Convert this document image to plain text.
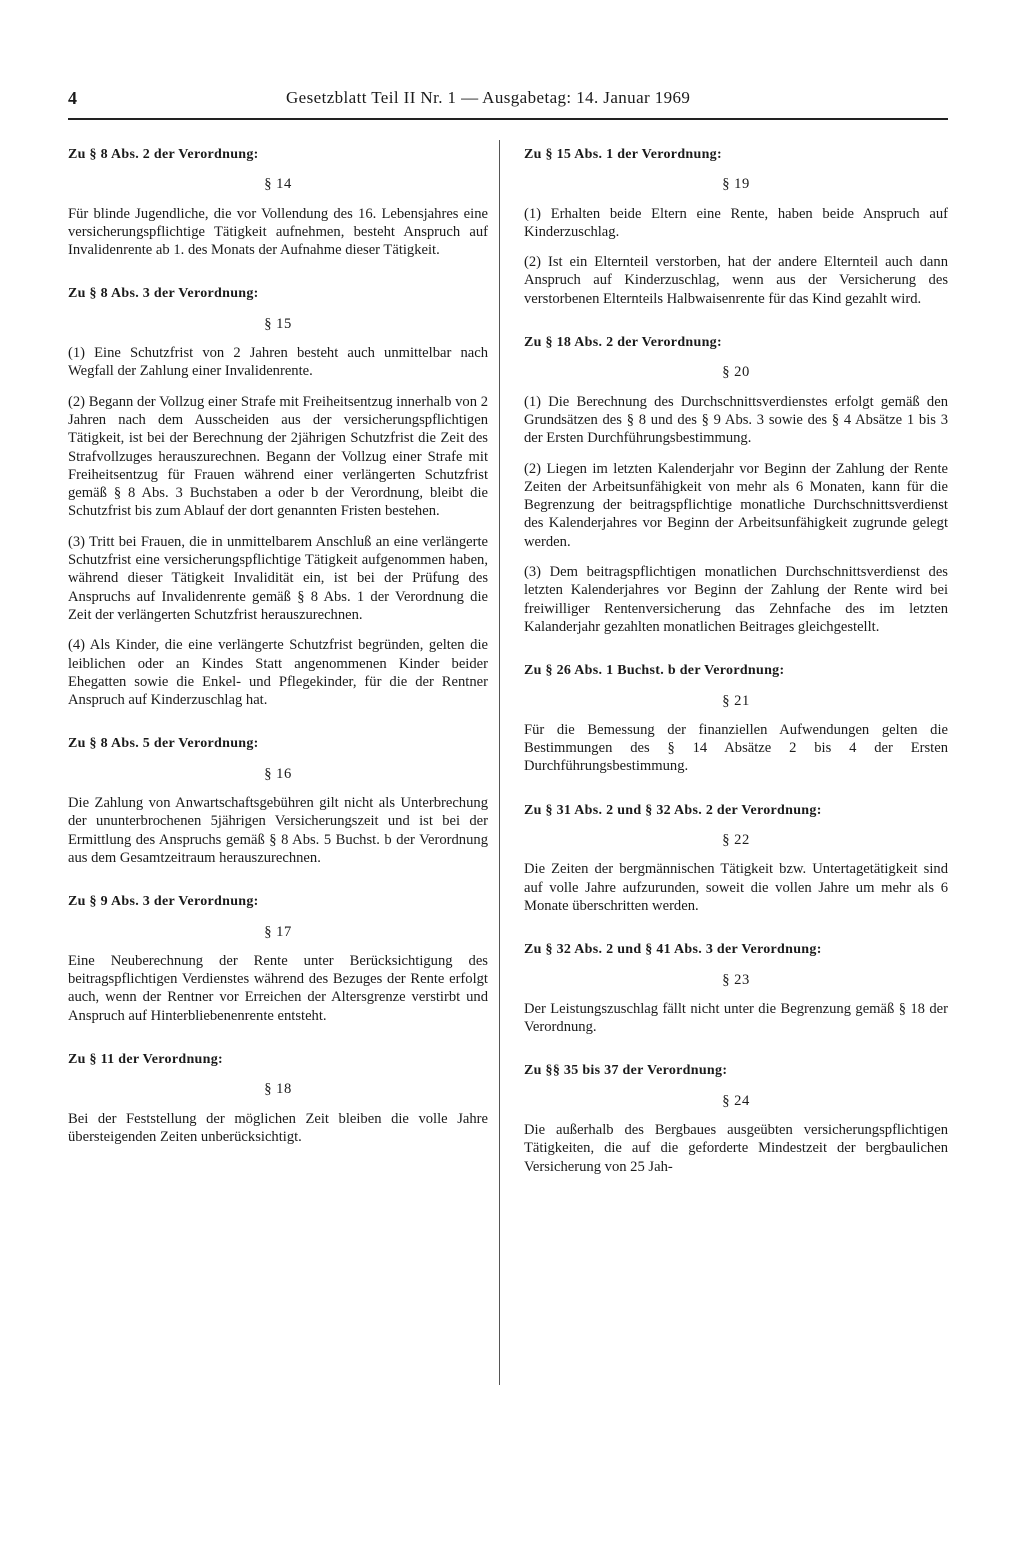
4	Gesetzblatt Teil II Nr. 1 — Ausgabetag: 14. Januar 1969
Zu § 8 Abs. 2 der Verordnung:
§ 14
Für blinde Jugendliche, die vor Vollendung des 16. Lebensjahres eine versicherungspflichtige Tätigkeit aufnehmen, besteht Anspruch auf Invalidenrente ab 1. des Monats der Aufnahme dieser Tätigkeit.
Zu § 8 Abs. 3 der Verordnung:
§ 15
(1) Eine Schutzfrist von 2 Jahren besteht auch unmittelbar nach Wegfall der Zahlung einer Invalidenrente.
(2) Begann der Vollzug einer Strafe mit Freiheitsentzug innerhalb von 2 Jahren nach dem Ausscheiden aus der versicherungspflichtigen Tätigkeit, ist bei der Berechnung der 2jährigen Schutzfrist die Zeit des Strafvollzuges herauszurechnen. Begann der Vollzug einer Strafe mit Freiheitsentzug für Frauen während einer verlängerten Schutzfrist gemäß § 8 Abs. 3 Buchstaben a oder b der Verordnung, bleibt die Schutzfrist bis zum Ablauf der dort genannten Fristen bestehen.
(3) Tritt bei Frauen, die in unmittelbarem Anschluß an eine verlängerte Schutzfrist eine versicherungspflichtige Tätigkeit aufgenommen haben, während dieser Tätigkeit Invalidität ein, ist bei der Prüfung des Anspruchs auf Invalidenrente gemäß § 8 Abs. 1 der Verordnung die Zeit der verlängerten Schutzfrist herauszurechnen.
(4) Als Kinder, die eine verlängerte Schutzfrist begründen, gelten die leiblichen oder an Kindes Statt angenommenen Kinder beider Ehegatten sowie die Enkel- und Pflegekinder, für die der Rentner Anspruch auf Kinderzuschlag hat.
Zu § 8 Abs. 5 der Verordnung:
§ 16
Die Zahlung von Anwartschaftsgebühren gilt nicht als Unterbrechung der ununterbrochenen 5jährigen Versicherungszeit und ist bei der Ermittlung des Anspruchs gemäß § 8 Abs. 5 Buchst. b der Verordnung aus dem Gesamtzeitraum herauszurechnen.
Zu § 9 Abs. 3 der Verordnung:
§ 17
Eine Neuberechnung der Rente unter Berücksichtigung des beitragspflichtigen Verdienstes während des Bezuges der Rente erfolgt auch, wenn der Rentner vor Erreichen der Altersgrenze verstirbt und Anspruch auf Hinterbliebenenrente entsteht.
Zu § 11 der Verordnung:
§ 18
Bei der Feststellung der möglichen Zeit bleiben die volle Jahre übersteigenden Zeiten unberücksichtigt.
Zu § 15 Abs. 1 der Verordnung:
§ 19
(1) Erhalten beide Eltern eine Rente, haben beide Anspruch auf Kinderzuschlag.
(2) Ist ein Elternteil verstorben, hat der andere Elternteil auch dann Anspruch auf Kinderzuschlag, wenn aus der Versicherung des verstorbenen Elternteils Halbwaisenrente für das Kind gezahlt wird.
Zu § 18 Abs. 2 der Verordnung:
§ 20
(1) Die Berechnung des Durchschnittsverdienstes erfolgt gemäß den Grundsätzen des § 8 und des § 9 Abs. 3 sowie des § 4 Absätze 1 bis 3 der Ersten Durchführungsbestimmung.
(2) Liegen im letzten Kalenderjahr vor Beginn der Zahlung der Rente Zeiten der Arbeitsunfähigkeit von mehr als 6 Monaten, kann für die Begrenzung der beitragspflichtige monatliche Durchschnittsverdienst des Kalenderjahres vor Beginn der Arbeitsunfähigkeit zugrunde gelegt werden.
(3) Dem beitragspflichtigen monatlichen Durchschnittsverdienst des letzten Kalenderjahres vor Beginn der Zahlung der Rente wird bei freiwilliger Rentenversicherung das Zehnfache des im letzten Kalanderjahr gezahlten monatlichen Beitrages gleichgestellt.
Zu § 26 Abs. 1 Buchst. b der Verordnung:
§ 21
Für die Bemessung der finanziellen Aufwendungen gelten die Bestimmungen des § 14 Absätze 2 bis 4 der Ersten Durchführungsbestimmung.
Zu § 31 Abs. 2 und § 32 Abs. 2 der Verordnung:
§ 22
Die Zeiten der bergmännischen Tätigkeit bzw. Untertagetätigkeit sind auf volle Jahre aufzurunden, soweit die vollen Jahre um mehr als 6 Monate überschritten werden.
Zu § 32 Abs. 2 und § 41 Abs. 3 der Verordnung:
§ 23
Der Leistungszuschlag fällt nicht unter die Begrenzung gemäß § 18 der Verordnung.
Zu §§ 35 bis 37 der Verordnung:
§ 24
Die außerhalb des Bergbaues ausgeübten versicherungspflichtigen Tätigkeiten, die auf die geforderte Mindestzeit der bergbaulichen Versicherung von 25 Jah-
